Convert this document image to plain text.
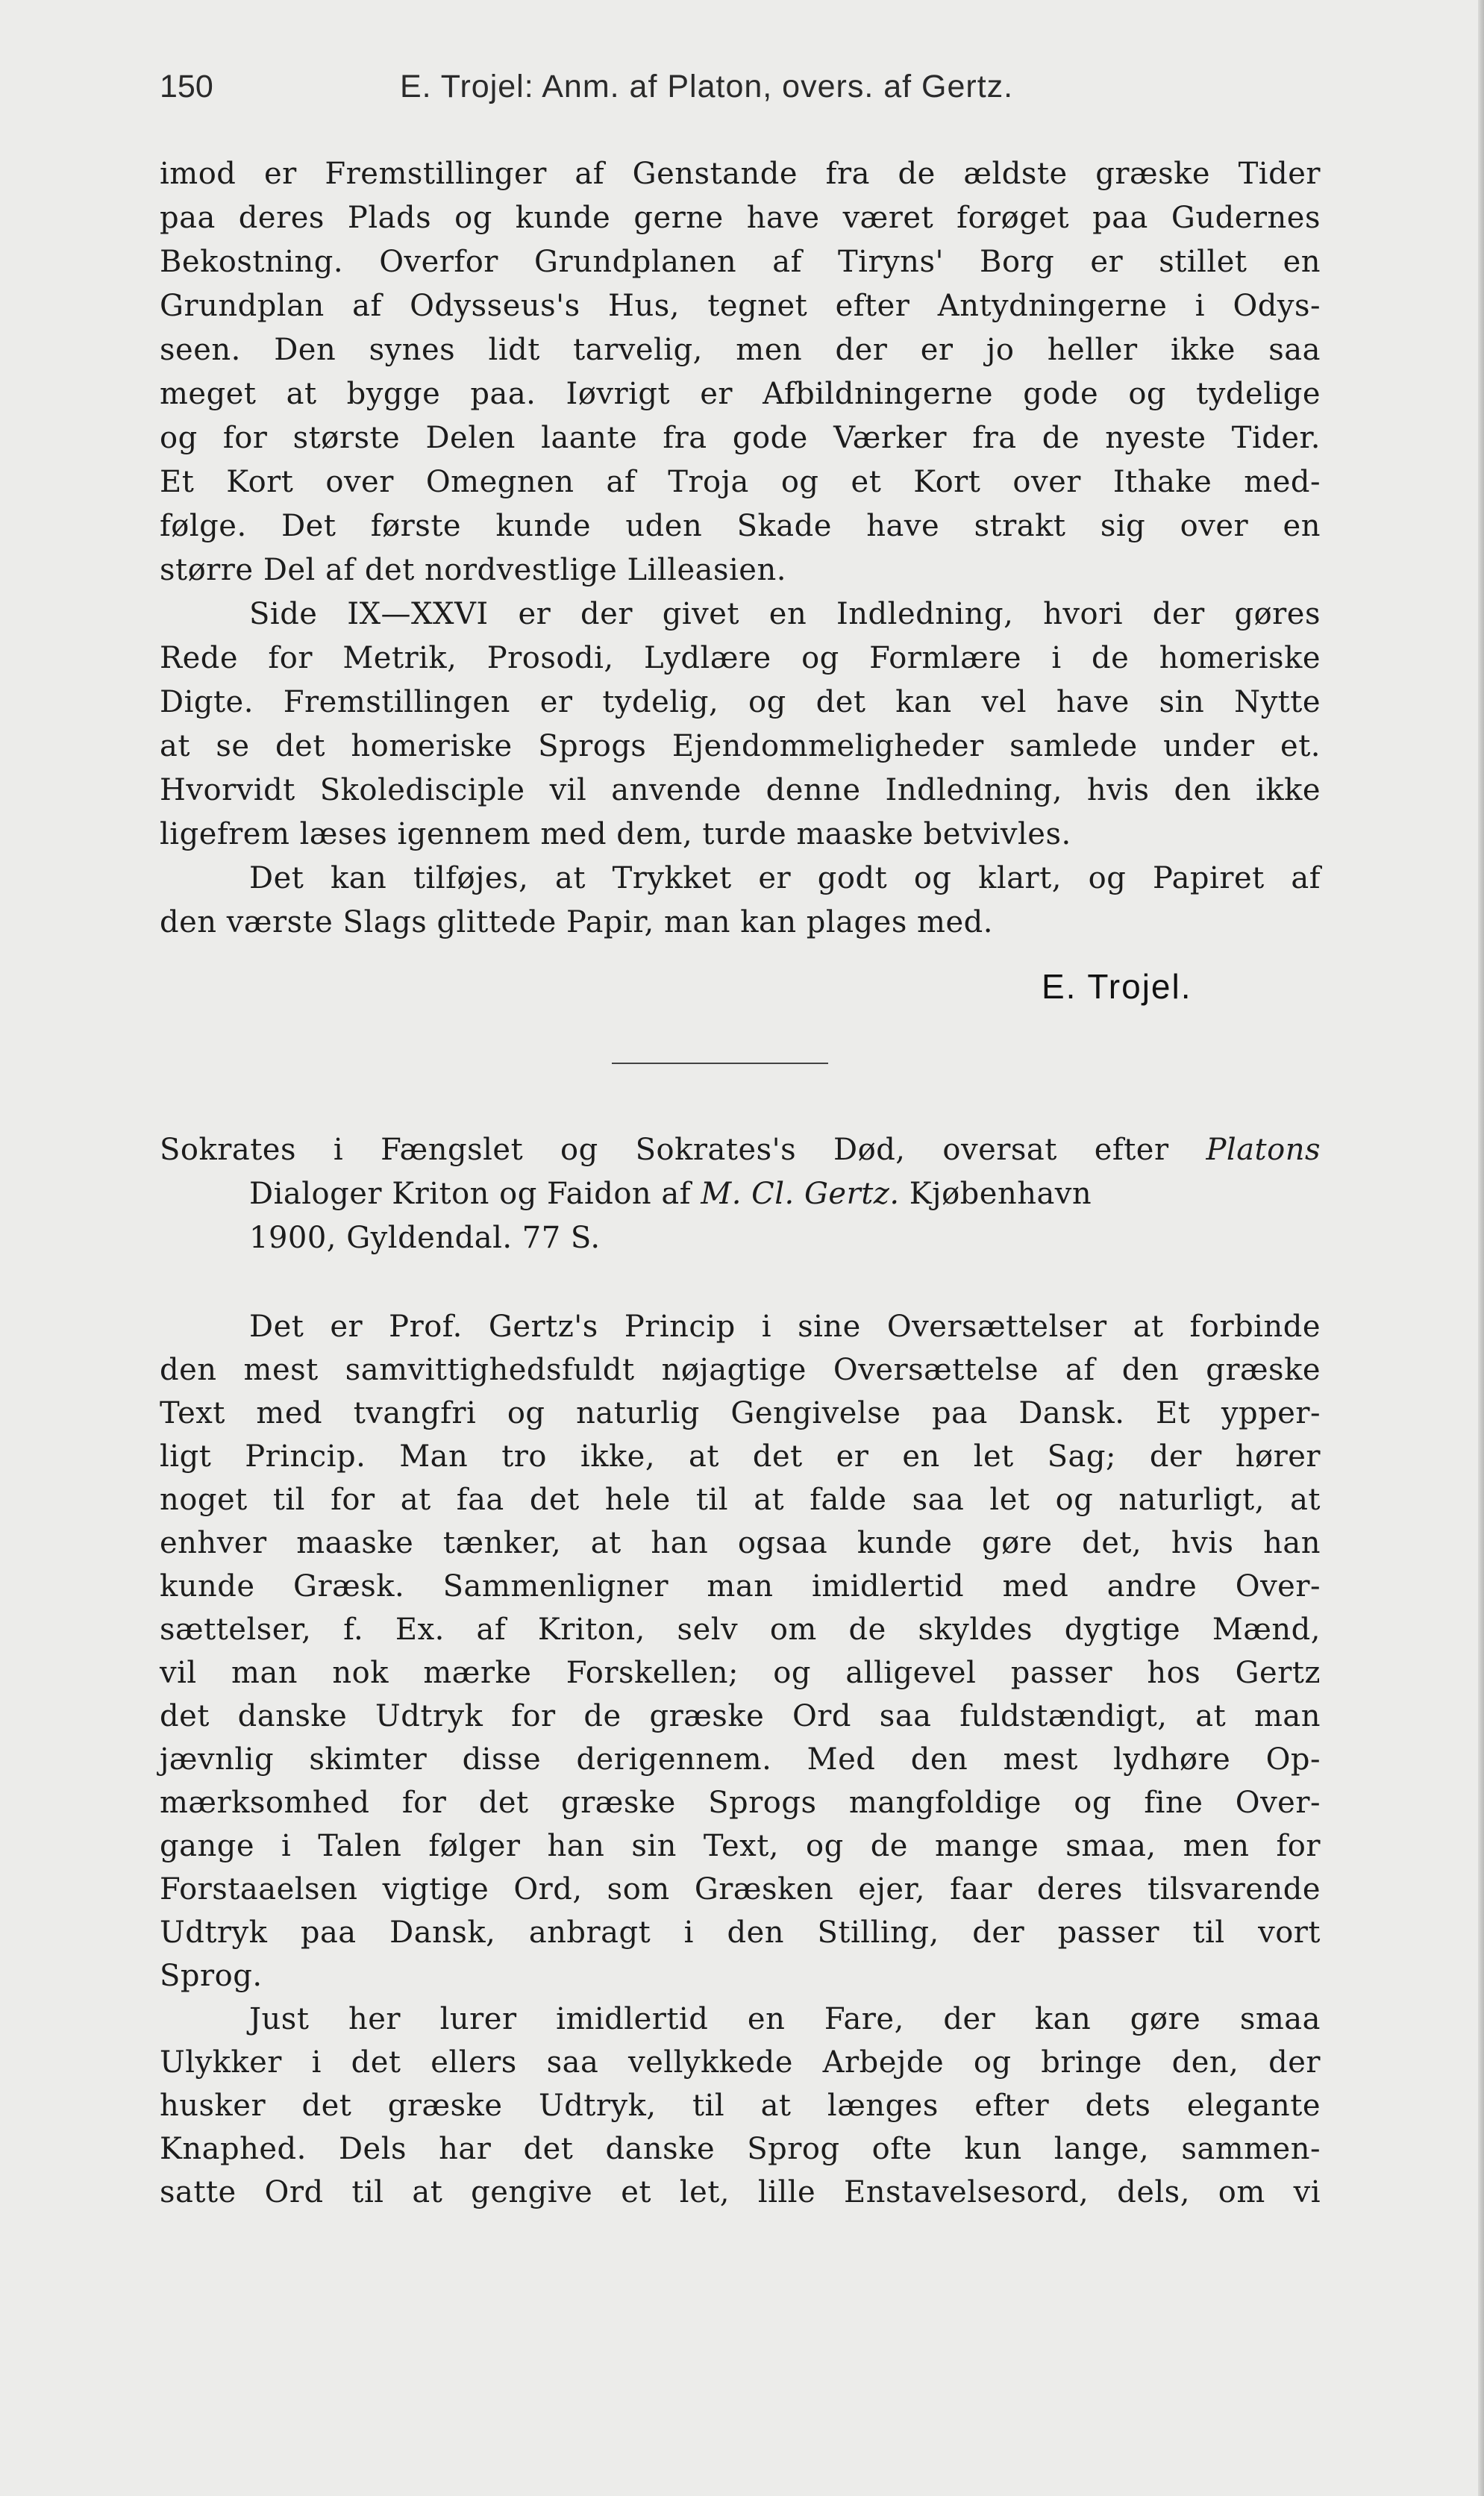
150	E. Trojel: Anm. af Platon, overs. af Gertz.
imod er Fremstillinger af Genstande fra de ældste græske Tider
paa deres Plads og kunde gerne have været forøget paa Gudernes
Bekostning. Overfor Grundplanen af Tiryns' Borg er stillet en
Grundplan af Odysseus's Hus, tegnet efter Antydningerne i Odys-
seen. Den synes lidt tarvelig, men der er jo heller ikke saa
meget at bygge paa. Iøvrigt er Afbildningerne gode og tydelige
og for største Delen laante fra gode Værker fra de nyeste Tider.
Et Kort over Omegnen af Troja og et Kort over Ithake med-
følge. Det første kunde uden Skade have strakt sig over en
større Del af det nordvestlige Lilleasien.
Side IX—XXVI er der givet en Indledning, hvori der gøres
Rede for Metrik, Prosodi, Lydlære og Formlære i de homeriske
Digte. Fremstillingen er tydelig, og det kan vel have sin Nytte
at se det homeriske Sprogs Ejendommeligheder samlede under et.
Hvorvidt Skoledisciple vil anvende denne Indledning, hvis den ikke
ligefrem læses igennem med dem, turde maaske betvivles.
Det kan tilføjes, at Trykket er godt og klart, og Papiret af
den værste Slags glittede Papir, man kan plages med.
E. Trojel.
Sokrates i Fængslet og Sokrates's Død, oversat efter Platons
Dialoger Kriton og Faidon af M. Cl. Gertz. Kjøbenhavn
1900, Gyldendal. 77 S.
Det er Prof. Gertz's Princip i sine Oversættelser at forbinde
den mest samvittighedsfuldt nøjagtige Oversættelse af den græske
Text med tvangfri og naturlig Gengivelse paa Dansk. Et ypper-
ligt Princip. Man tro ikke, at det er en let Sag; der hører
noget til for at faa det hele til at falde saa let og naturligt, at
enhver maaske tænker, at han ogsaa kunde gøre det, hvis han
kunde Græsk. Sammenligner man imidlertid med andre Over-
sættelser, f. Ex. af Kriton, selv om de skyldes dygtige Mænd,
vil man nok mærke Forskellen; og alligevel passer hos Gertz
det danske Udtryk for de græske Ord saa fuldstændigt, at man
jævnlig skimter disse derigennem. Med den mest lydhøre Op-
mærksomhed for det græske Sprogs mangfoldige og fine Over-
gange i Talen følger han sin Text, og de mange smaa, men for
Forstaaelsen vigtige Ord, som Græsken ejer, faar deres tilsvarende
Udtryk paa Dansk, anbragt i den Stilling, der passer til vort
Sprog.
Just her lurer imidlertid en Fare, der kan gøre smaa
Ulykker i det ellers saa vellykkede Arbejde og bringe den, der
husker det græske Udtryk, til at længes efter dets elegante
Knaphed. Dels har det danske Sprog ofte kun lange, sammen-
satte Ord til at gengive et let, lille Enstavelsesord, dels, om vi
